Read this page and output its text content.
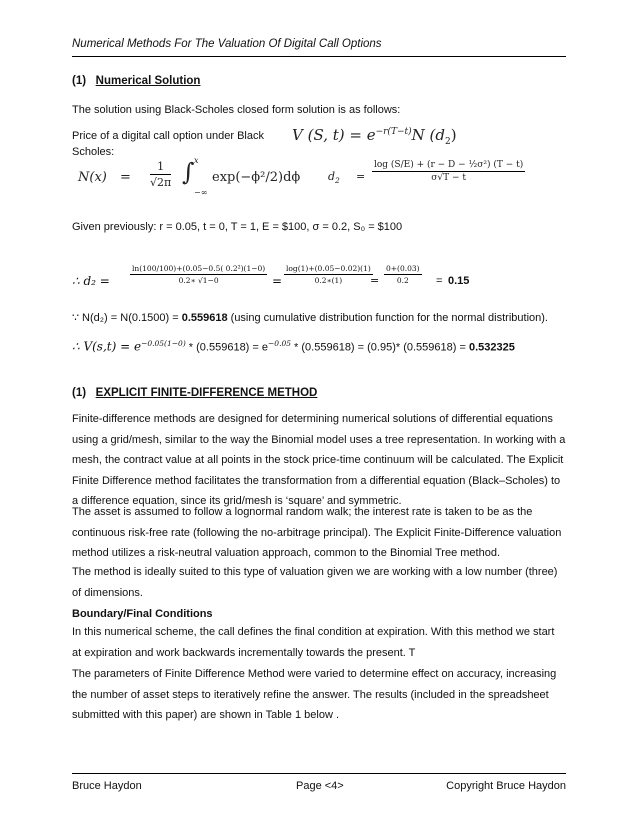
Numerical Methods For The Valuation Of Digital Call Options
(1) Numerical Solution
The solution using Black-Scholes closed form solution is as follows:
Price of a digital call option under Black Scholes:
V (S, $t) = e^{-r(T-t)}N$ $(d_2)$
$N(x) = \frac{1}{√2\pi}$ ∫ x
−∞
exp(−ϕ²/2)dϕ	$d_2 = \frac{\text{log (S/E) + (r − D − ½σ²) (T − t)}}{\sigma√T - t}$
Given previously: r = 0.05, t = 0, T = 1, E = $100, σ = 0.2, S₀ = $100
∴ d₂ =	$\frac{\text{ln(100/100)+(0.05−0.5( 0.2²)(1−0)}}{0.2∗ √1-0} = \frac{\log(1)+(0.05-0.02)(1)}{0.2∗(1)}$
= $\frac{0+(0.03)}{0.2} = 0.15$
∵ N(d₂) = N(0.1500) = 0.559618 (using cumulative distribution function for the normal distribution).
∴ $V(s,t) = e^{-0.05(1-0)} * (0.559618) = e^{-0.05} * (0.559618) = (0.95)*$ (0.559618) = 0.532325
(1) EXPLICIT FINITE-DIFFERENCE METHOD
Finite-difference methods are designed for determining numerical solutions of differential equations using a grid/mesh, similar to the way the Binomial model uses a tree representation. In working with a mesh, the contract value at all points in the stock price-time continuum will be calculated. The Explicit Finite Difference method facilitates the transformation from a differential equation (Black–Scholes) to a difference equation, since its grid/mesh is ‘square’ and symmetric.
The asset is assumed to follow a lognormal random walk; the interest rate is taken to be as the continuous risk-free rate (following the no-arbitrage principal). The Explicit Finite-Difference valuation method utilizes a risk-neutral valuation approach, common to the Binomial Tree method.
The method is ideally suited to this type of valuation given we are working with a low number (three) of dimensions.
Boundary/Final Conditions
In this numerical scheme, the call defines the final condition at expiration. With this method we start at expiration and work backwards incrementally towards the present. T
The parameters of Finite Difference Method were varied to determine effect on accuracy, increasing the number of asset steps to iteratively refine the answer. The results (included in the spreadsheet submitted with this paper) are shown in Table 1 below .
Bruce Haydon	Page <4>	Copyright Bruce Haydon
